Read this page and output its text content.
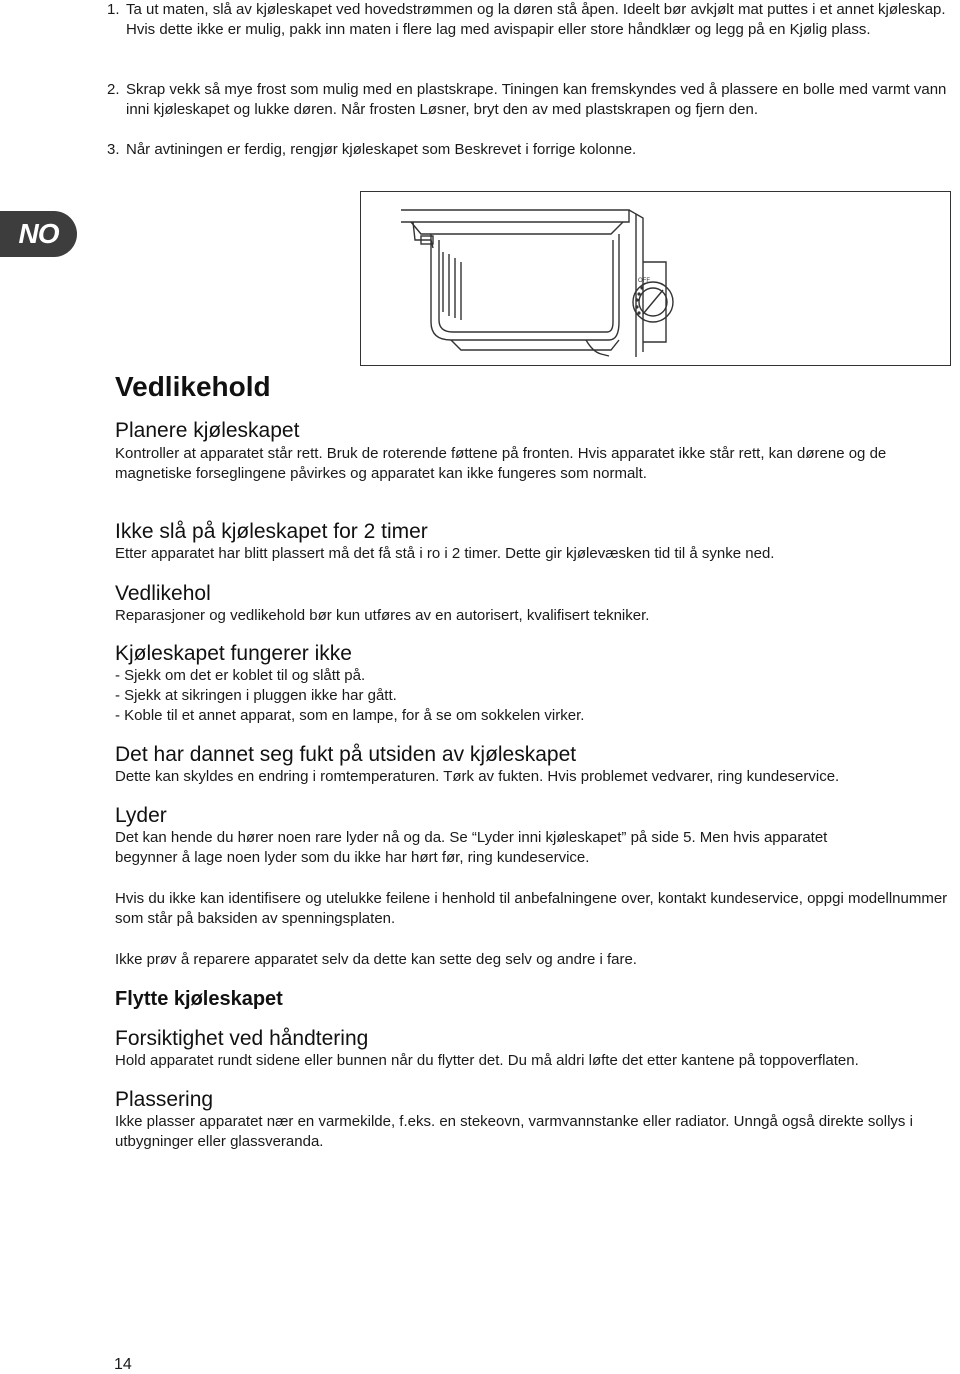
1. Ta ut maten, slå av kjøleskapet ved hovedstrømmen og la døren stå åpen. Ideelt bør avkjølt mat puttes i et annet kjøleskap. Hvis dette ikke er mulig, pakk inn maten i flere lag med avispapir eller store håndklær og legg på en Kjølig plass.
2. Skrap vekk så mye frost som mulig med en plastskrape. Tiningen kan fremskyndes ved å plassere en bolle med varmt vann inni kjøleskapet og lukke døren. Når frosten Løsner, bryt den av med plastskrapen og fjern den.
3. Når avtiningen er ferdig, rengjør kjøleskapet som Beskrevet i forrige kolonne.
NO
OFF
Vedlikehold
Planere kjøleskapet
Kontroller at apparatet står rett. Bruk de roterende føttene på fronten. Hvis apparatet ikke står rett, kan dørene og de
magnetiske forseglingene påvirkes og apparatet kan ikke fungeres som normalt.
Ikke slå på kjøleskapet for 2 timer
Etter apparatet har blitt plassert må det få stå i ro i 2 timer. Dette gir kjølevæsken tid til å synke ned.
Vedlikehol
Reparasjoner og vedlikehold bør kun utføres av en autorisert, kvalifisert tekniker.
Kjøleskapet fungerer ikke
- Sjekk om det er koblet til og slått på.
- Sjekk at sikringen i pluggen ikke har gått.
- Koble til et annet apparat, som en lampe, for å se om sokkelen virker.
Det har dannet seg fukt på utsiden av kjøleskapet
Dette kan skyldes en endring i romtemperaturen. Tørk av fukten. Hvis problemet vedvarer, ring kundeservice.
Lyder
Det kan hende du hører noen rare lyder nå og da. Se “Lyder inni kjøleskapet” på side 5. Men hvis apparatet
begynner å lage noen lyder som du ikke har hørt før, ring kundeservice.
Hvis du ikke kan identifisere og utelukke feilene i henhold til anbefalningene over, kontakt kundeservice, oppgi modellnummer som står på baksiden av spenningsplaten.
Ikke prøv å reparere apparatet selv da dette kan sette deg selv og andre i fare.
Flytte kjøleskapet
Forsiktighet ved håndtering
Hold apparatet rundt sidene eller bunnen når du flytter det. Du må aldri løfte det etter kantene på toppoverflaten.
Plassering
Ikke plasser apparatet nær en varmekilde, f.eks. en stekeovn, varmvannstanke eller radiator. Unngå også direkte sollys i utbygninger eller glassveranda.
14
